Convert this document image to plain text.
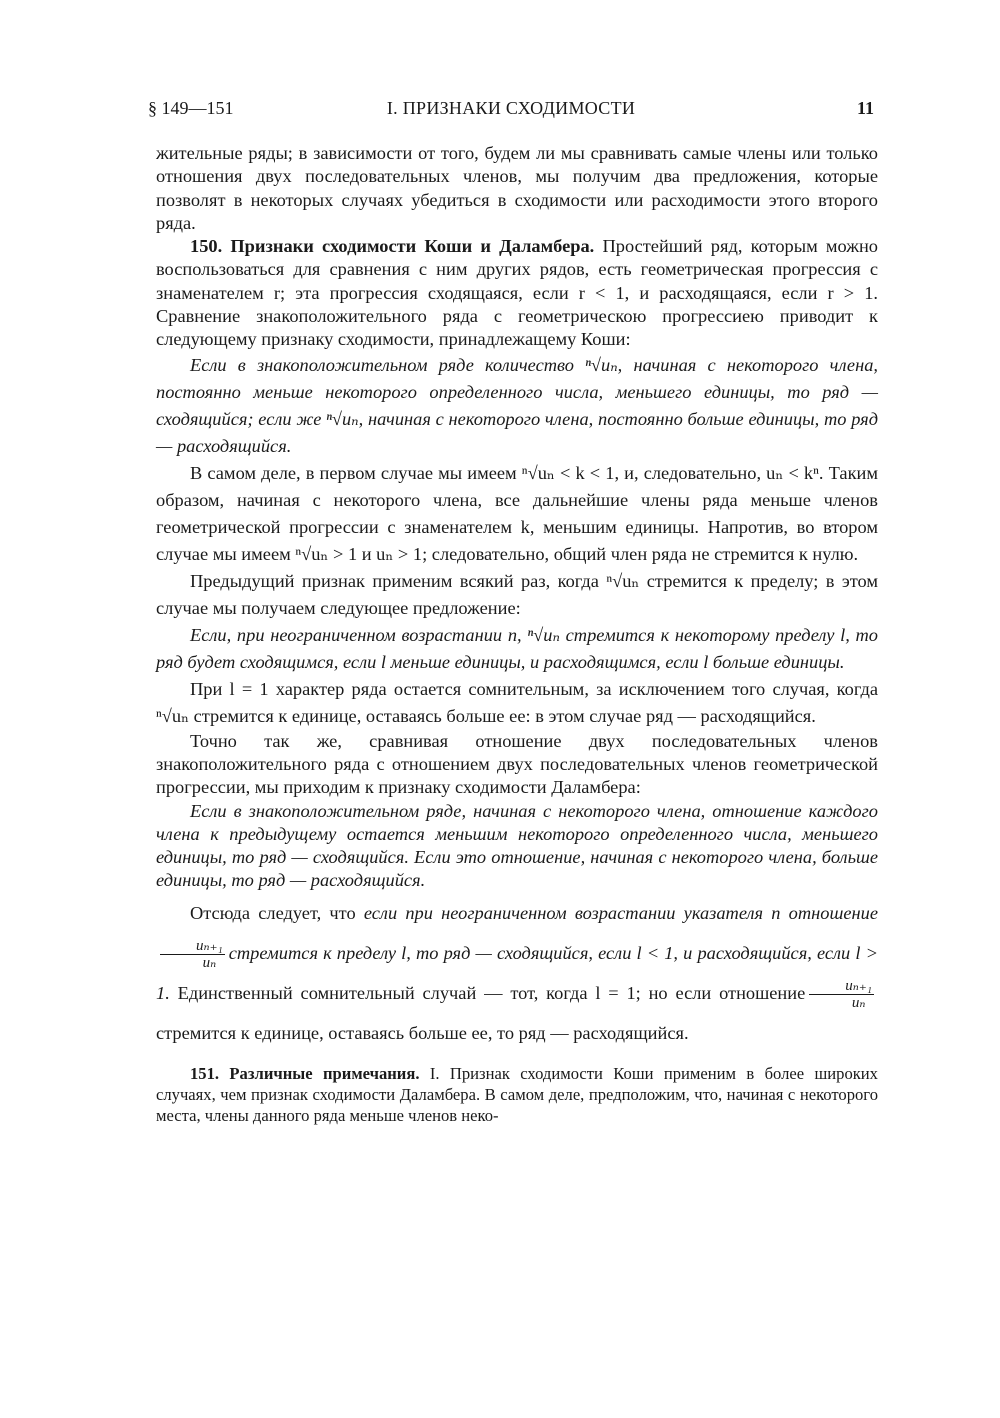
§ 149—151	I. ПРИЗНАКИ СХОДИМОСТИ	11

жительные ряды; в зависимости от того, будем ли мы сравнивать самые члены или только отношения двух последовательных членов, мы получим два предложения, которые позволят в некоторых случаях убедиться в сходимости или расходимости этого второго ряда.

150. Признаки сходимости Коши и Даламбера. Простейший ряд, которым можно воспользоваться для сравнения с ним других рядов, есть геометрическая прогрессия с знаменателем r; эта прогрессия сходящаяся, если r < 1, и расходящаяся, если r > 1. Сравнение знакоположительного ряда с геометрическою прогрессиею приводит к следующему признаку сходимости, принадлежащему Коши:

Если в знакоположительном ряде количество ⁿ√uₙ, начиная с некоторого члена, постоянно меньше некоторого определенного числа, меньшего единицы, то ряд — сходящийся; если же ⁿ√uₙ, начиная с некоторого члена, постоянно больше единицы, то ряд — расходящийся.

В самом деле, в первом случае мы имеем ⁿ√uₙ < k < 1, и, следовательно, uₙ < kⁿ. Таким образом, начиная с некоторого члена, все дальнейшие члены ряда меньше членов геометрической прогрессии с знаменателем k, меньшим единицы. Напротив, во втором случае мы имеем ⁿ√uₙ > 1 и uₙ > 1; следовательно, общий член ряда не стремится к нулю.

Предыдущий признак применим всякий раз, когда ⁿ√uₙ стремится к пределу; в этом случае мы получаем следующее предложение:

Если, при неограниченном возрастании n, ⁿ√uₙ стремится к некоторому пределу l, то ряд будет сходящимся, если l меньше единицы, и расходящимся, если l больше единицы.

При l = 1 характер ряда остается сомнительным, за исключением того случая, когда ⁿ√uₙ стремится к единице, оставаясь больше ее: в этом случае ряд — расходящийся.

Точно так же, сравнивая отношение двух последовательных членов знакоположительного ряда с отношением двух последовательных членов геометрической прогрессии, мы приходим к признаку сходимости Даламбера:

Если в знакоположительном ряде, начиная с некоторого члена, отношение каждого члена к предыдущему остается меньшим некоторого определенного числа, меньшего единицы, то ряд — сходящийся. Если это отношение, начиная с некоторого члена, больше единицы, то ряд — расходящийся.

Отсюда следует, что если при неограниченном возрастании указателя n отношение
$\frac{\text{uₙ₊₁}}{\text{uₙ}}$ стремится к пределу l, то ряд — сходящийся, если l < 1, и расходящийся, если l > 1. Единственный сомнительный случай — тот, когда l = 1; но если отношение $\frac{\text{uₙ₊₁}}{\text{uₙ}}$
стремится к единице, оставаясь больше ее, то ряд — расходящийся.

151. Различные примечания. I. Признак сходимости Коши применим в более широких случаях, чем признак сходимости Даламбера. В самом деле, предположим, что, начиная с некоторого места, члены данного ряда меньше членов неко-
